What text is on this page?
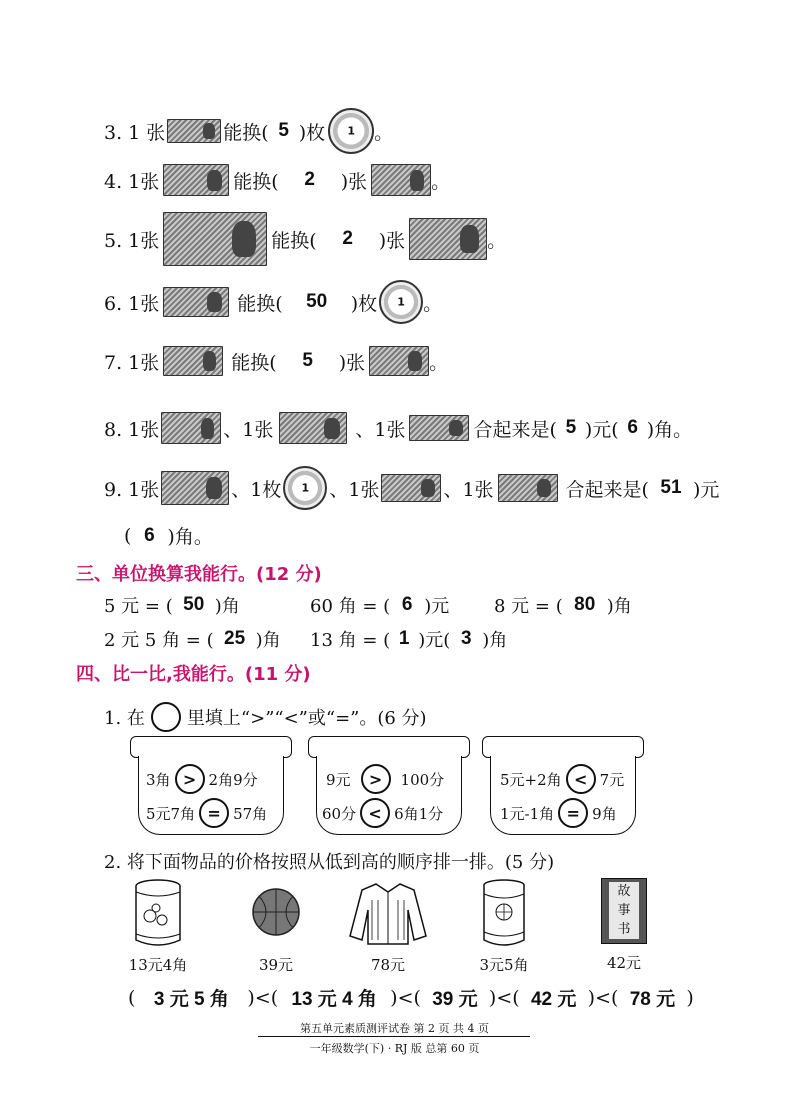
3. 1 张	能换( 5 )枚 1 。
4. 1张	能换(	2	)张	。
5. 1张	能换(	2	)张	。
6. 1张	能换(	50	)枚 1 。
7. 1张	能换(	5	)张	。
8. 1张	、1张	、1张	合起来是( 5 )元( 6 )角。
9. 1张	、1枚 1 、1张	、1张	合起来是( 51 )元
( 6 )角。
三、单位换算我能行。(12 分)
5 元 = ( 50 )角	60 角 = ( 6 )元 8 元 = ( 80 )角
2 元 5 角 = ( 25 )角 13 角 = ( 1 )元( 3 )角
四、比一比,我能行。(11 分)
1. 在 里填上“>”“<”或“=”。(6 分)
3角 > 2角9分
5元7角 = 57角
9元	>	100分
60分 < 6角1分
5元+2角 < 7元
1元-1角 = 9角
2. 将下面物品的价格按照从低到高的顺序排一排。(5 分)
13元4角	39元	78元	3元5角
故
事
书
42元
( 3 元 5 角 )<( 13 元 4 角 )<( 39 元 )<( 42 元 )<( 78 元 )
第五单元素质测评试卷 第 2 页 共 4 页
一年级数学(下) · RJ 版 总第 60 页
